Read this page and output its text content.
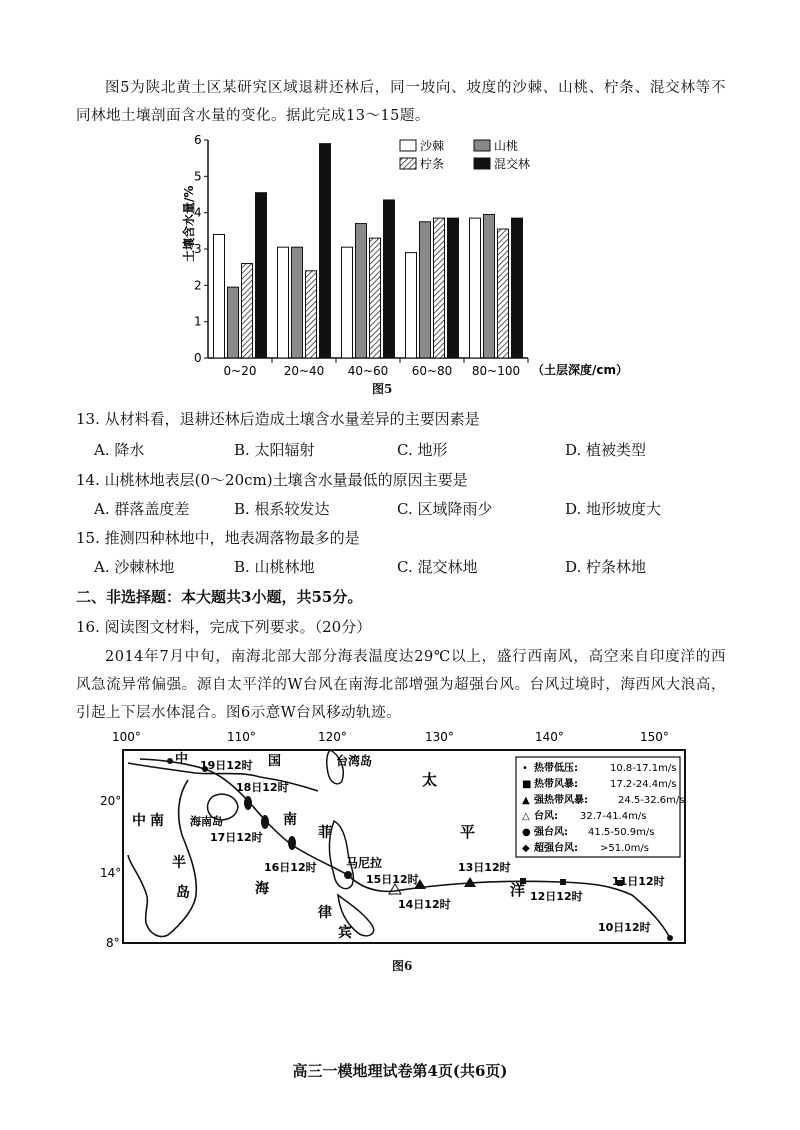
图5为陕北黄土区某研究区域退耕还林后，同一坡向、坡度的沙棘、山桃、柠条、混交林等不同林地土壤剖面含水量的变化。据此完成13～15题。
0
1
2
3
4
5
6
0~20 20~40 40~60 60~80 80~100
沙棘	山桃
柠条	混交林
土壤含水量/%
（土层深度/cm）
图5
13. 从材料看，退耕还林后造成土壤含水量差异的主要因素是
A. 降水	B. 太阳辐射	C. 地形	D. 植被类型
14. 山桃林地表层(0～20cm)土壤含水量最低的原因主要是
A. 群落盖度差	B. 根系较发达	C. 区域降雨少	D. 地形坡度大
15. 推测四种林地中，地表凋落物最多的是
A. 沙棘林地	B. 山桃林地	C. 混交林地	D. 柠条林地
二、非选择题：本大题共3小题，共55分。
16. 阅读图文材料，完成下列要求。（20分）
2014年7月中旬，南海北部大部分海表温度达29℃以上，盛行西南风，高空来自印度洋的西风急流异常偏强。源自太平洋的W台风在南海北部增强为超强台风。台风过境时，海西风大浪高，引起上下层水体混合。图6示意W台风移动轨迹。
100°	110°	120°	130°	140°	150°
20°
14°
8°
中	国	台湾岛
中 南
半
岛
海南岛	南
海
菲
律
宾
马尼拉
太
平
洋
19日12时
18日12时
17日12时
16日12时
15日12时
14日12时
13日12时
12日12时
11日12时
10日12时
• 热带低压:	10.8-17.1m/s
■ 热带风暴:	17.2-24.4m/s
▲ 强热带风暴:	24.5-32.6m/s
△ 台风: 32.7-41.4m/s
● 强台风: 41.5-50.9m/s
◆ 超强台风: >51.0m/s
图6
高三一模地理试卷第4页(共6页)
